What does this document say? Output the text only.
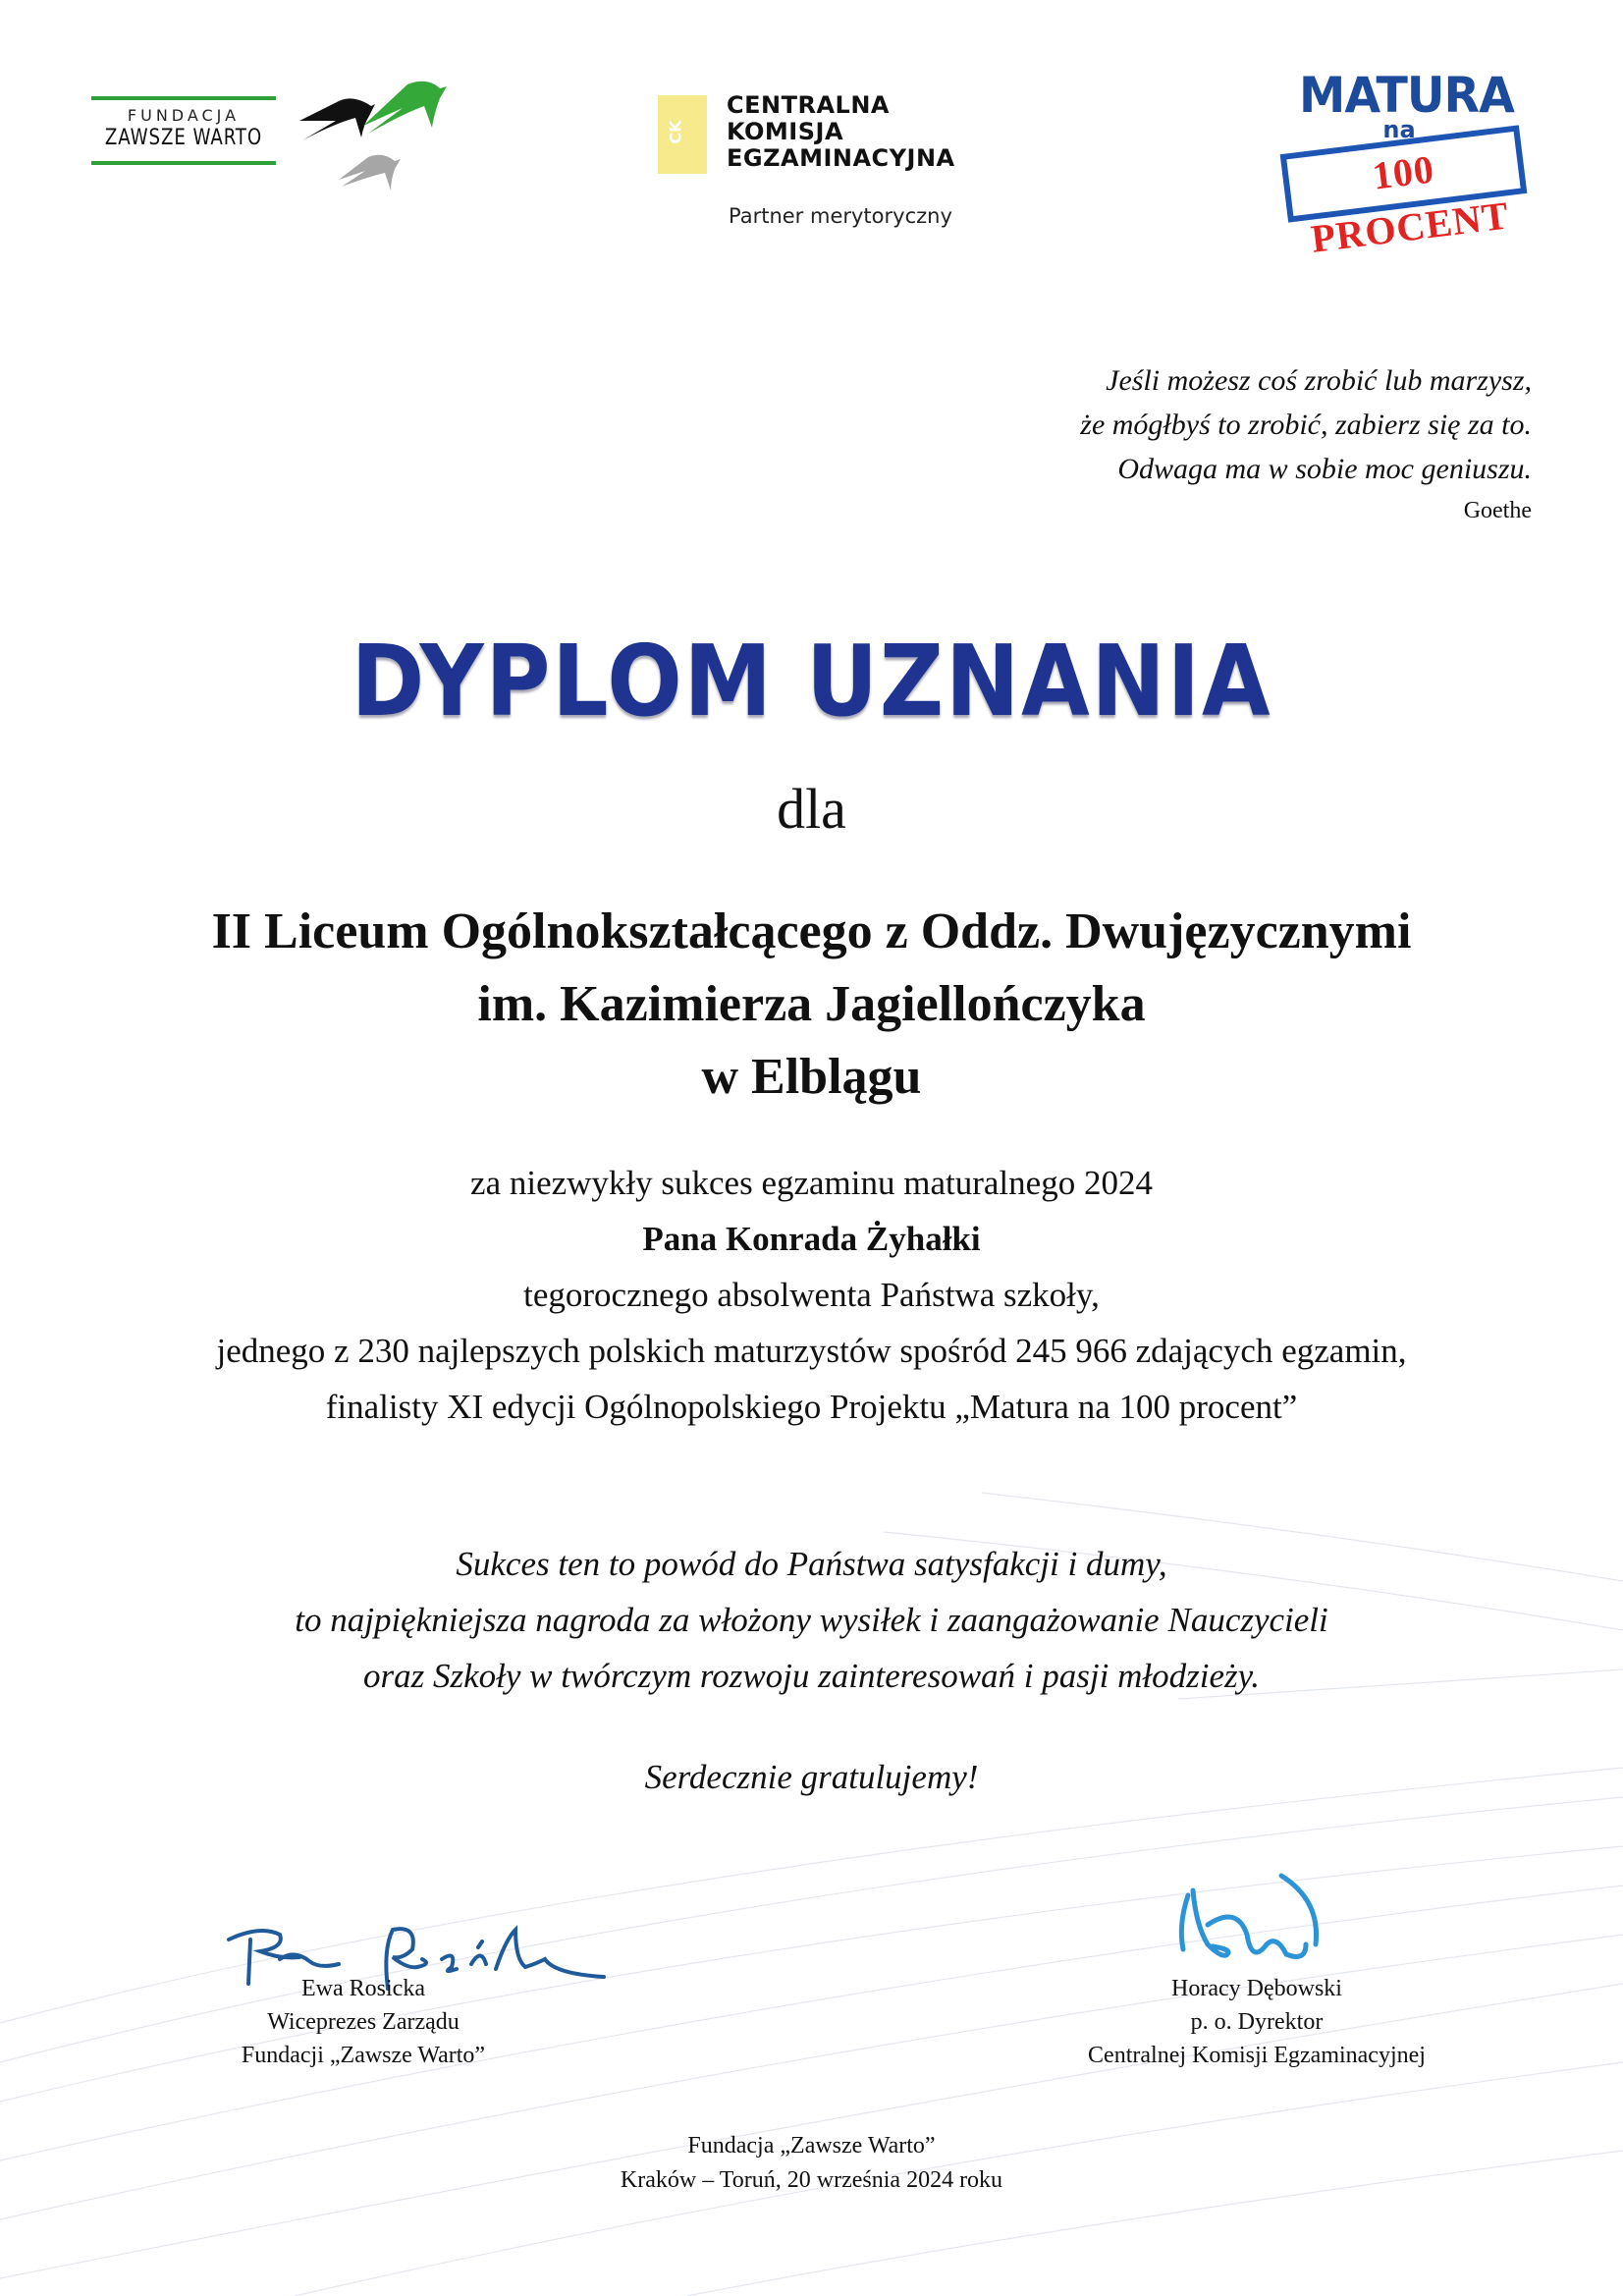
FUNDACJA
ZAWSZE WARTO	CK
CENTRALNA
KOMISJA
EGZAMINACYJNA
Partner merytoryczny
MATURA
na
100 PROCENT
Jeśli możesz coś zrobić lub marzysz,
że mógłbyś to zrobić, zabierz się za to.
Odwaga ma w sobie moc geniuszu.
Goethe
DYPLOM UZNANIA
dla
II Liceum Ogólnokształcącego z Oddz. Dwujęzycznymi
im. Kazimierza Jagiellończyka
w Elblągu
za niezwykły sukces egzaminu maturalnego 2024
Pana Konrada Żyhałki
tegorocznego absolwenta Państwa szkoły,
jednego z 230 najlepszych polskich maturzystów spośród 245 966 zdających egzamin,
finalisty XI edycji Ogólnopolskiego Projektu „Matura na 100 procent”
Sukces ten to powód do Państwa satysfakcji i dumy,
to najpiękniejsza nagroda za włożony wysiłek i zaangażowanie Nauczycieli
oraz Szkoły w twórczym rozwoju zainteresowań i pasji młodzieży.
Serdecznie gratulujemy!
Ewa Rosicka
Wiceprezes Zarządu
Fundacji „Zawsze Warto”
Horacy Dębowski
p. o. Dyrektor
Centralnej Komisji Egzaminacyjnej
Fundacja „Zawsze Warto”
Kraków – Toruń, 20 września 2024 roku
